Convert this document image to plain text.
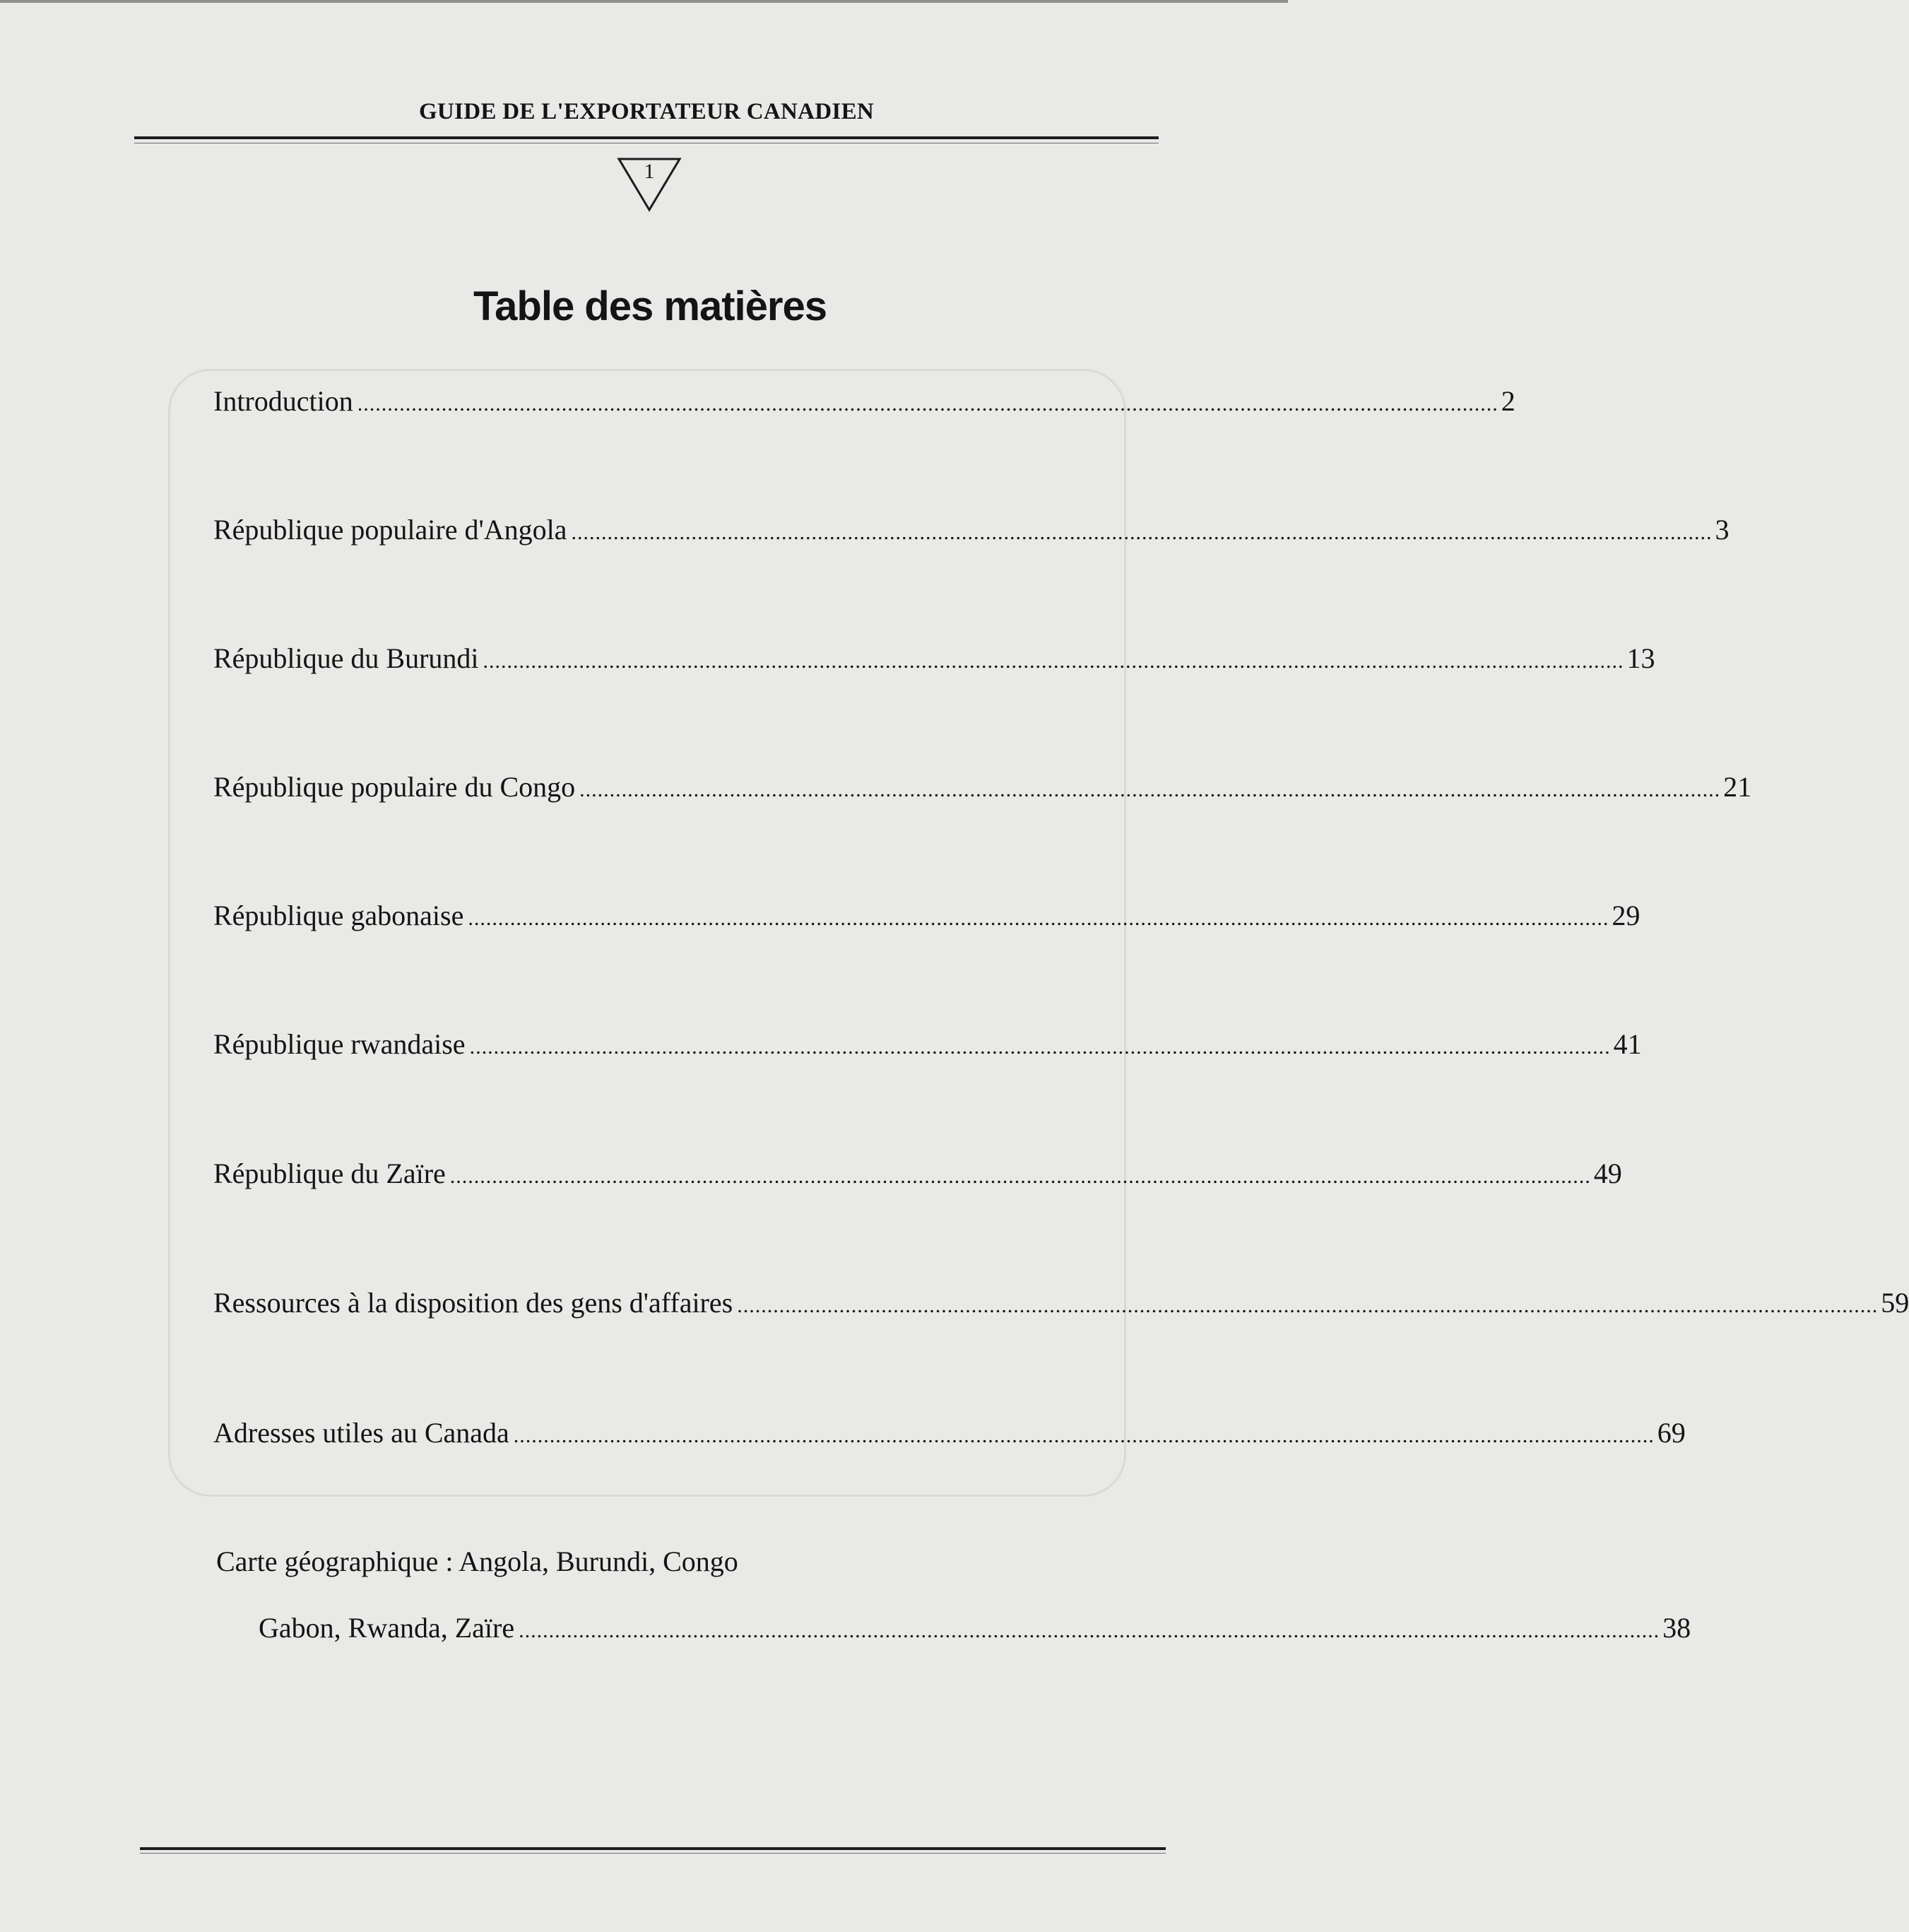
GUIDE DE L'EXPORTATEUR CANADIEN
1
Table des matières
Introduction .............................................................................................................................................................................................. 2
République populaire d'Angola .............................................................................................................................................................................................. 3
République du Burundi .............................................................................................................................................................................................. 13
République populaire du Congo .............................................................................................................................................................................................. 21
République gabonaise .............................................................................................................................................................................................. 29
République rwandaise .............................................................................................................................................................................................. 41
République du Zaïre .............................................................................................................................................................................................. 49
Ressources à la disposition des gens d'affaires .............................................................................................................................................................................................. 59
Adresses utiles au Canada .............................................................................................................................................................................................. 69
Carte géographique : Angola, Burundi, Congo
Gabon, Rwanda, Zaïre .............................................................................................................................................................................................. 38
